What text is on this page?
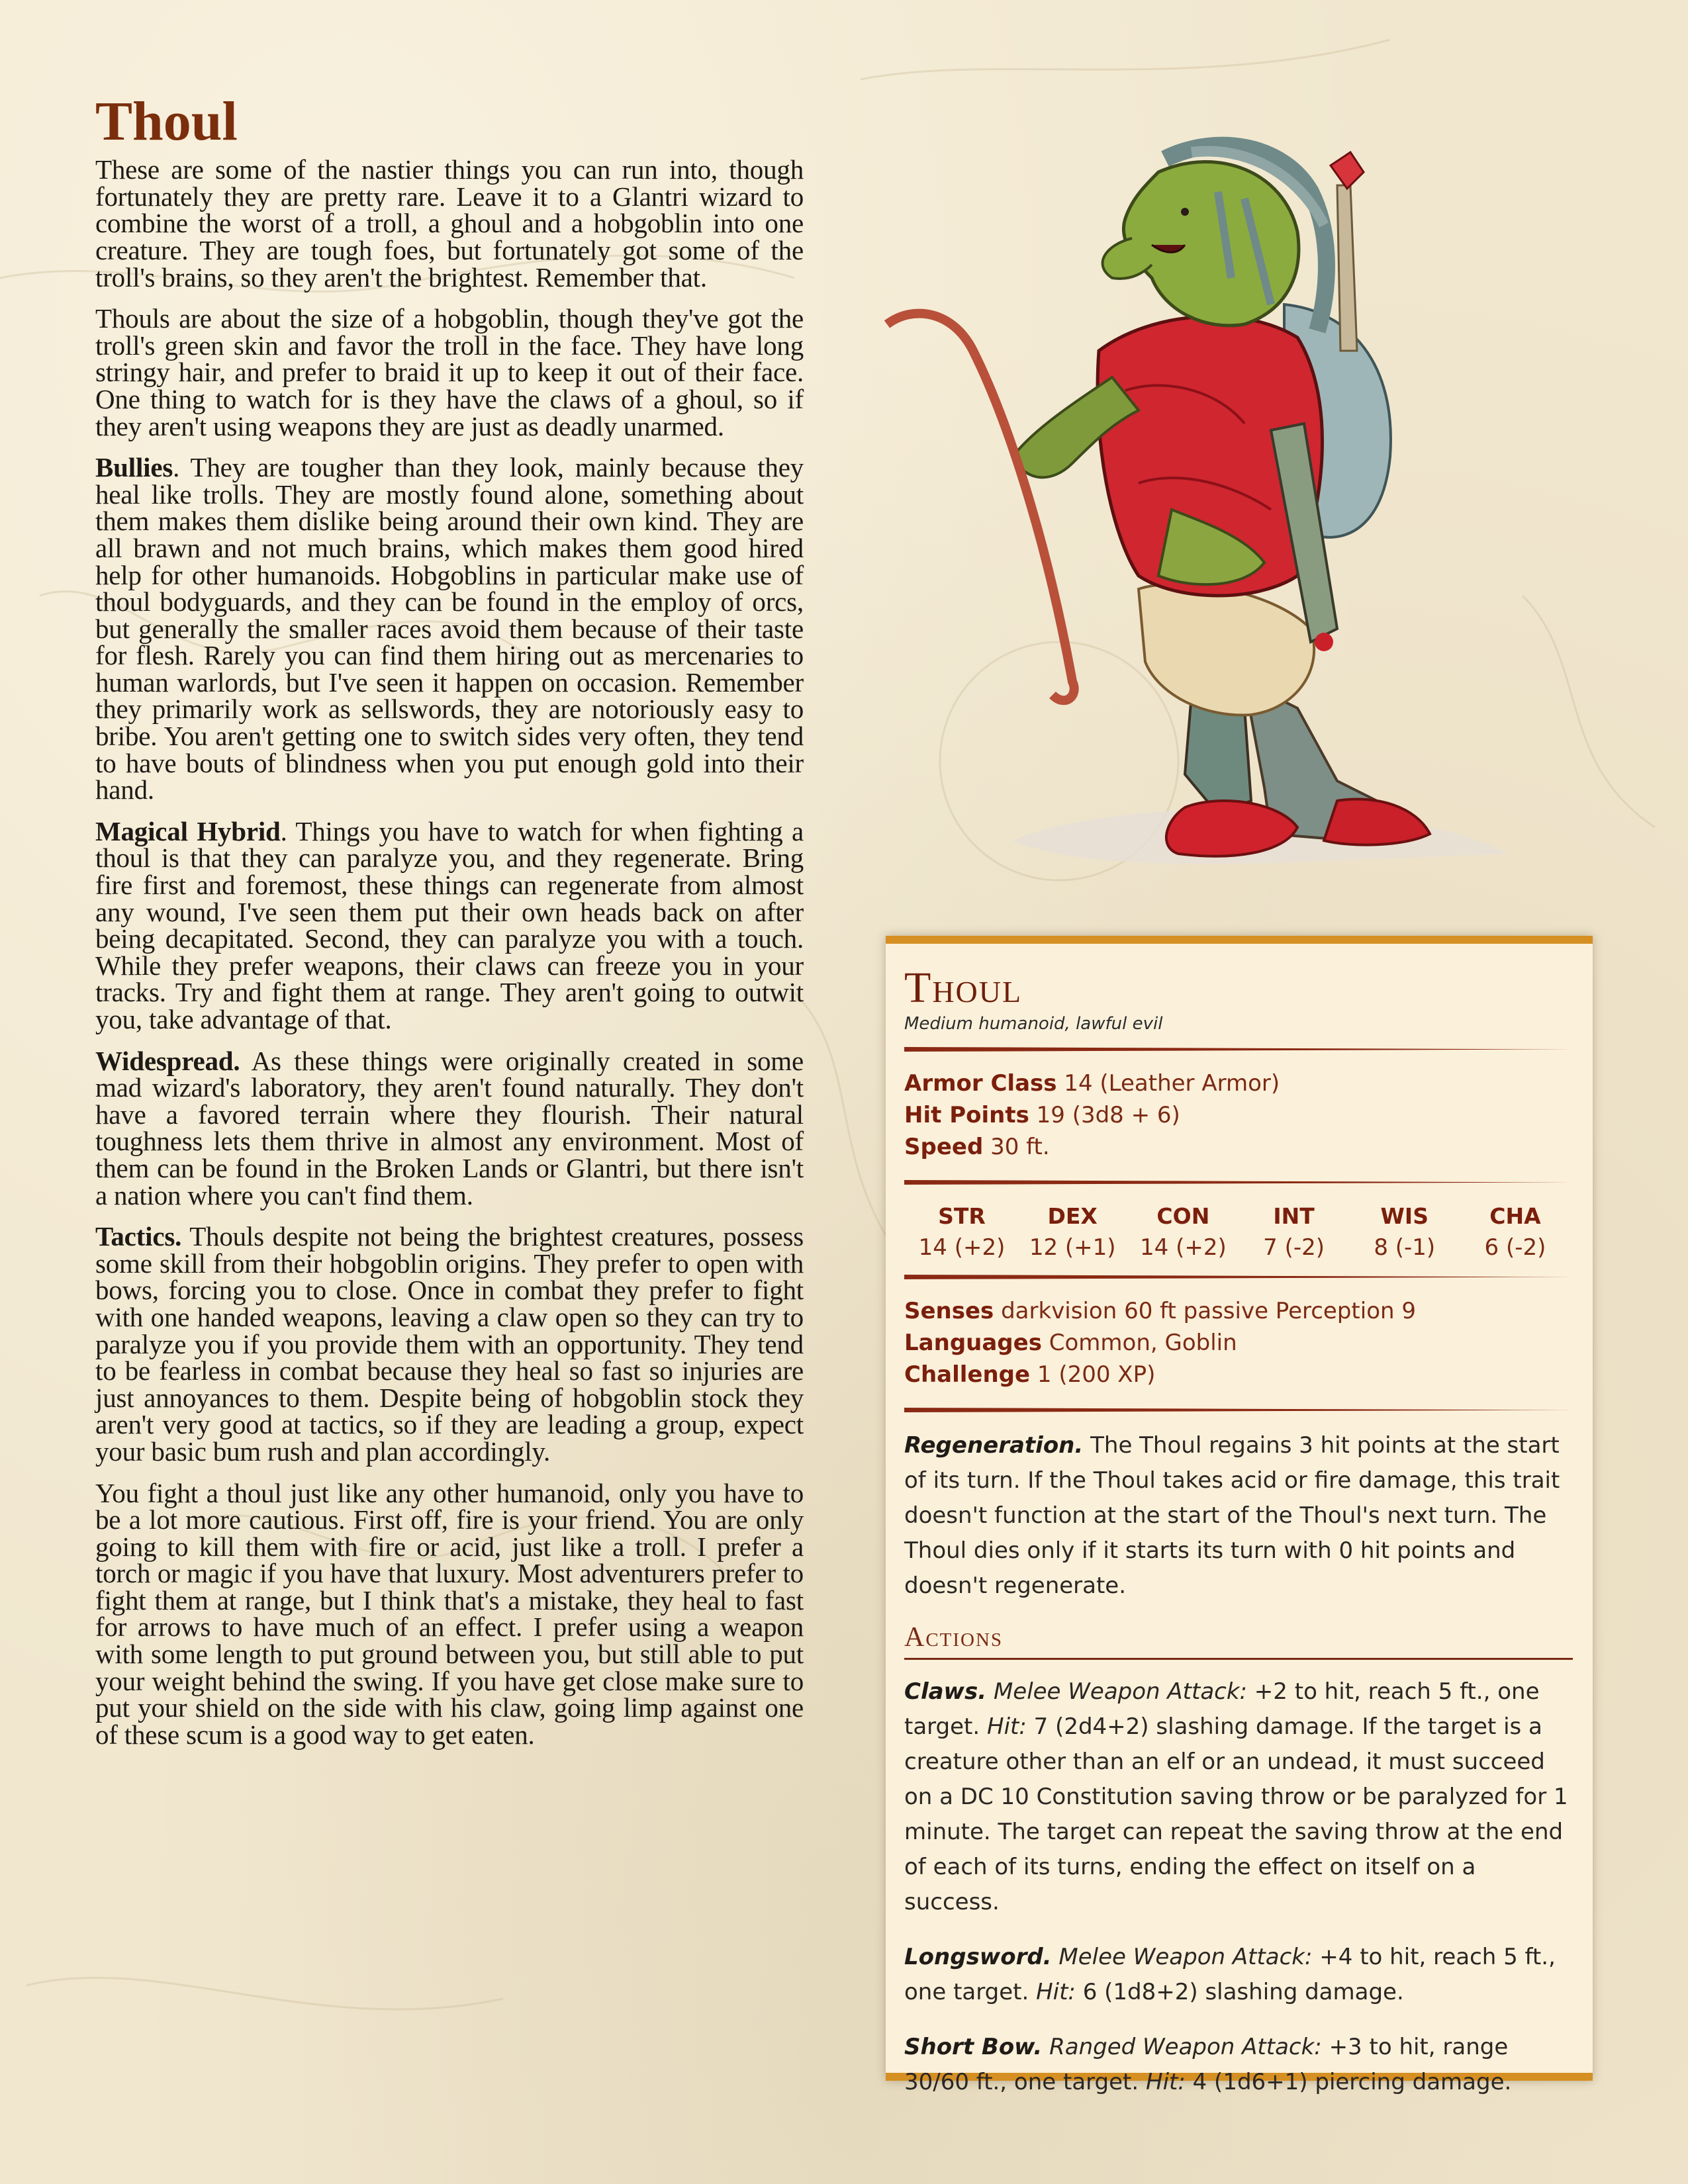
Thoul

These are some of the nastier things you can run into, though fortunately they are pretty rare. Leave it to a Glantri wizard to combine the worst of a troll, a ghoul and a hobgoblin into one creature. They are tough foes, but fortunately got some of the troll's brains, so they aren't the brightest. Remember that.

Thouls are about the size of a hobgoblin, though they've got the troll's green skin and favor the troll in the face. They have long stringy hair, and prefer to braid it up to keep it out of their face. One thing to watch for is they have the claws of a ghoul, so if they aren't using weapons they are just as deadly unarmed.

Bullies. They are tougher than they look, mainly because they heal like trolls. They are mostly found alone, something about them makes them dislike being around their own kind. They are all brawn and not much brains, which makes them good hired help for other humanoids. Hobgoblins in particular make use of thoul bodyguards, and they can be found in the employ of orcs, but generally the smaller races avoid them because of their taste for flesh. Rarely you can find them hiring out as mercenaries to human warlords, but I've seen it happen on occasion. Remember they primarily work as sellswords, they are notoriously easy to bribe. You aren't getting one to switch sides very often, they tend to have bouts of blindness when you put enough gold into their hand.

Magical Hybrid. Things you have to watch for when fighting a thoul is that they can paralyze you, and they regenerate. Bring fire first and foremost, these things can regenerate from almost any wound, I've seen them put their own heads back on after being decapitated. Second, they can paralyze you with a touch. While they prefer weapons, their claws can freeze you in your tracks. Try and fight them at range. They aren't going to outwit you, take advantage of that.

Widespread. As these things were originally created in some mad wizard's laboratory, they aren't found naturally. They don't have a favored terrain where they flourish. Their natural toughness lets them thrive in almost any environment. Most of them can be found in the Broken Lands or Glantri, but there isn't a nation where you can't find them.

Tactics. Thouls despite not being the brightest creatures, possess some skill from their hobgoblin origins. They prefer to open with bows, forcing you to close. Once in combat they prefer to fight with one handed weapons, leaving a claw open so they can try to paralyze you if you provide them with an opportunity. They tend to be fearless in combat because they heal so fast so injuries are just annoyances to them. Despite being of hobgoblin stock they aren't very good at tactics, so if they are leading a group, expect your basic bum rush and plan accordingly.

You fight a thoul just like any other humanoid, only you have to be a lot more cautious. First off, fire is your friend. You are only going to kill them with fire or acid, just like a troll. I prefer a torch or magic if you have that luxury. Most adventurers prefer to fight them at range, but I think that's a mistake, they heal to fast for arrows to have much of an effect. I prefer using a weapon with some length to put ground between you, but still able to put your weight behind the swing. If you have get close make sure to put your shield on the side with his claw, going limp against one of these scum is a good way to get eaten.

Thoul
Medium humanoid, lawful evil
Armor Class 14 (Leather Armor)
Hit Points 19 (3d8 + 6)
Speed 30 ft.
STR
14 (+2)
DEX
12 (+1)
CON
14 (+2)
INT
7 (-2)
WIS
8 (-1)
CHA
6 (-2)
Senses darkvision 60 ft passive Perception 9
Languages Common, Goblin
Challenge 1 (200 XP)
Regeneration. The Thoul regains 3 hit points at the start of its turn. If the Thoul takes acid or fire damage, this trait doesn't function at the start of the Thoul's next turn. The Thoul dies only if it starts its turn with 0 hit points and doesn't regenerate.
Actions
Claws. Melee Weapon Attack: +2 to hit, reach 5 ft., one target. Hit: 7 (2d4+2) slashing damage. If the target is a creature other than an elf or an undead, it must succeed on a DC 10 Constitution saving throw or be paralyzed for 1 minute. The target can repeat the saving throw at the end of each of its turns, ending the effect on itself on a success.
Longsword. Melee Weapon Attack: +4 to hit, reach 5 ft., one target. Hit: 6 (1d8+2) slashing damage.
Short Bow. Ranged Weapon Attack: +3 to hit, range 30/60 ft., one target. Hit: 4 (1d6+1) piercing damage.
